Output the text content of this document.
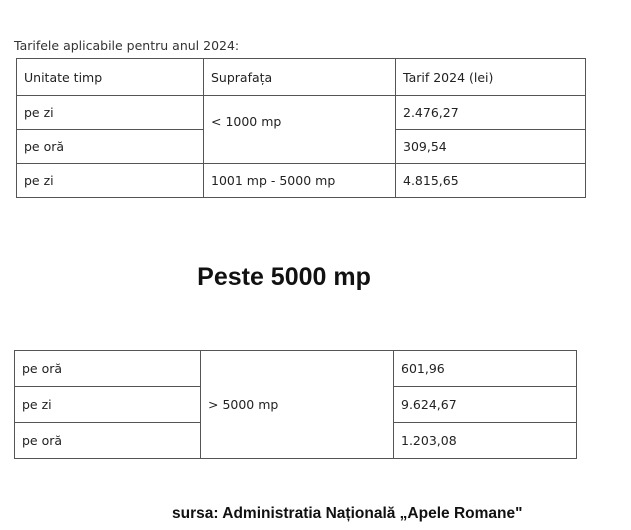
Tarifele aplicabile pentru anul 2024:
Unitate timp	Suprafața	Tarif 2024 (lei)
pe zi	< 1000 mp	2.476,27
pe oră		309,54
pe zi	1001 mp - 5000 mp	4.815,65
Peste 5000 mp
pe oră	> 5000 mp	601,96
pe zi		9.624,67
pe oră		1.203,08
sursa: Administratia Națională „Apele Romane"
